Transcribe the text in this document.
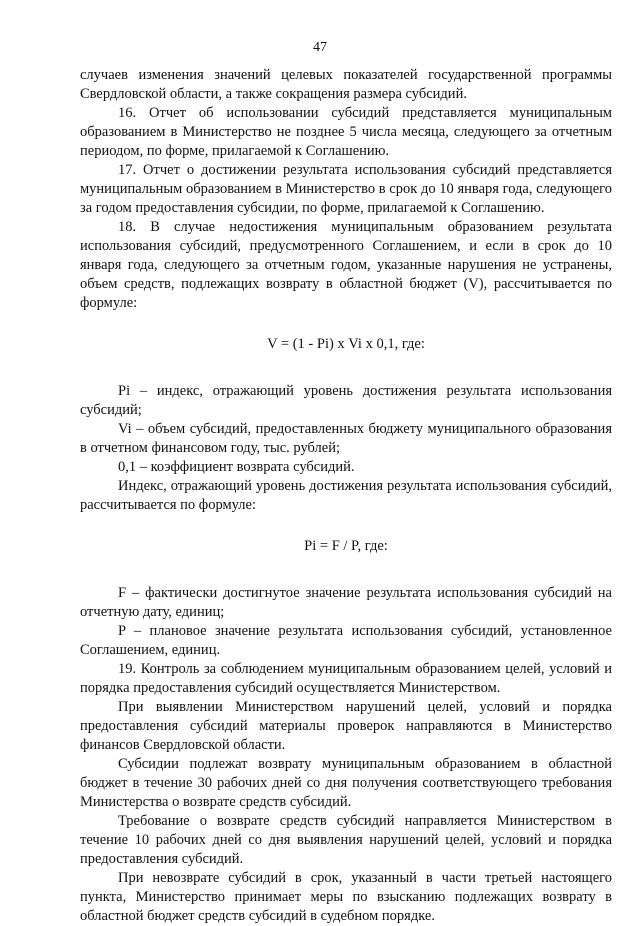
47

случаев изменения значений целевых показателей государственной программы Свердловской области, а также сокращения размера субсидий.

16. Отчет об использовании субсидий представляется муниципальным образованием в Министерство не позднее 5 числа месяца, следующего за отчетным периодом, по форме, прилагаемой к Соглашению.

17. Отчет о достижении результата использования субсидий представляется муниципальным образованием в Министерство в срок до 10 января года, следующего за годом предоставления субсидии, по форме, прилагаемой к Соглашению.

18. В случае недостижения муниципальным образованием результата использования субсидий, предусмотренного Соглашением, и если в срок до 10 января года, следующего за отчетным годом, указанные нарушения не устранены, объем средств, подлежащих возврату в областной бюджет (V), рассчитывается по формуле:

V = (1 - Pi) х Vi х 0,1, где:

Pi – индекс, отражающий уровень достижения результата использования субсидий;

Vi – объем субсидий, предоставленных бюджету муниципального образования в отчетном финансовом году, тыс. рублей;

0,1 – коэффициент возврата субсидий.

Индекс, отражающий уровень достижения результата использования субсидий, рассчитывается по формуле:

Pi = F / P, где:

F – фактически достигнутое значение результата использования субсидий на отчетную дату, единиц;

P – плановое значение результата использования субсидий, установленное Соглашением, единиц.

19. Контроль за соблюдением муниципальным образованием целей, условий и порядка предоставления субсидий осуществляется Министерством.

При выявлении Министерством нарушений целей, условий и порядка предоставления субсидий материалы проверок направляются в Министерство финансов Свердловской области.

Субсидии подлежат возврату муниципальным образованием в областной бюджет в течение 30 рабочих дней со дня получения соответствующего требования Министерства о возврате средств субсидий.

Требование о возврате средств субсидий направляется Министерством в течение 10 рабочих дней со дня выявления нарушений целей, условий и порядка предоставления субсидий.

При невозврате субсидий в срок, указанный в части третьей настоящего пункта, Министерство принимает меры по взысканию подлежащих возврату в областной бюджет средств субсидий в судебном порядке.
